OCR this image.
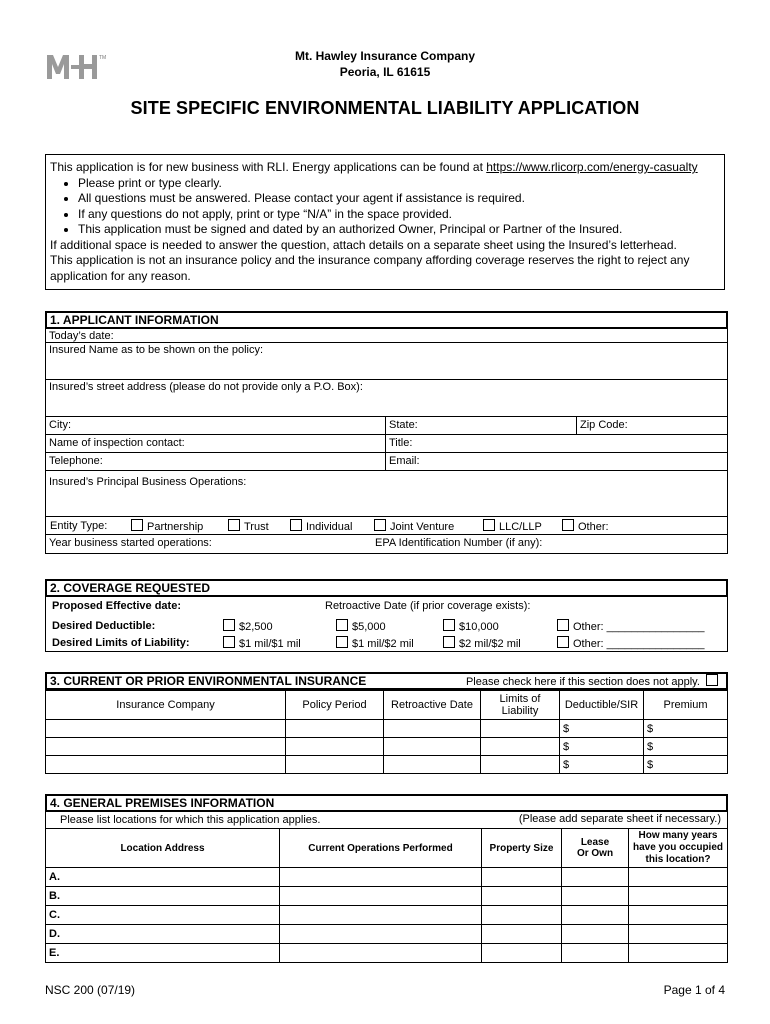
TM	Mt. Hawley Insurance Company
Peoria, IL 61615
SITE SPECIFIC ENVIRONMENTAL LIABILITY APPLICATION
This application is for new business with RLI. Energy applications can be found at https://www.rlicorp.com/energy-casualty
• Please print or type clearly.
• All questions must be answered. Please contact your agent if assistance is required.
• If any questions do not apply, print or type “N/A” in the space provided.
• This application must be signed and dated by an authorized Owner, Principal or Partner of the Insured.
If additional space is needed to answer the question, attach details on a separate sheet using the Insured’s letterhead.
This application is not an insurance policy and the insurance company affording coverage reserves the right to reject any application for any reason.
1. APPLICANT INFORMATION
Today’s date:
Insured Name as to be shown on the policy:
Insured’s street address (please do not provide only a P.O. Box):
City:	State:	Zip Code:
Name of inspection contact:	Title:
Telephone:	Email:
Insured’s Principal Business Operations:
Entity Type:	Partnership	Trust	Individual	Joint Venture	LLC/LLP	Other:
Year business started operations:	EPA Identification Number (if any):
2. COVERAGE REQUESTED
Proposed Effective date:	Retroactive Date (if prior coverage exists):
Desired Deductible:	$2,500	$5,000	$10,000	Other: ________________
Desired Limits of Liability:	$1 mil/$1 mil	$1 mil/$2 mil	$2 mil/$2 mil	Other: ________________
3. CURRENT OR PRIOR ENVIRONMENTAL INSURANCE	Please check here if this section does not apply.
Insurance Company	Policy Period	Retroactive Date	Limits of Liability	Deductible/SIR	Premium
				$	$
				$	$
				$	$
4. GENERAL PREMISES INFORMATION
Please list locations for which this application applies.	(Please add separate sheet if necessary.)
Location Address	Current Operations Performed	Property Size	Lease Or Own	How many years have you occupied this location?
A.				
B.				
C.				
D.				
E.				
NSC 200 (07/19)	Page 1 of 4
